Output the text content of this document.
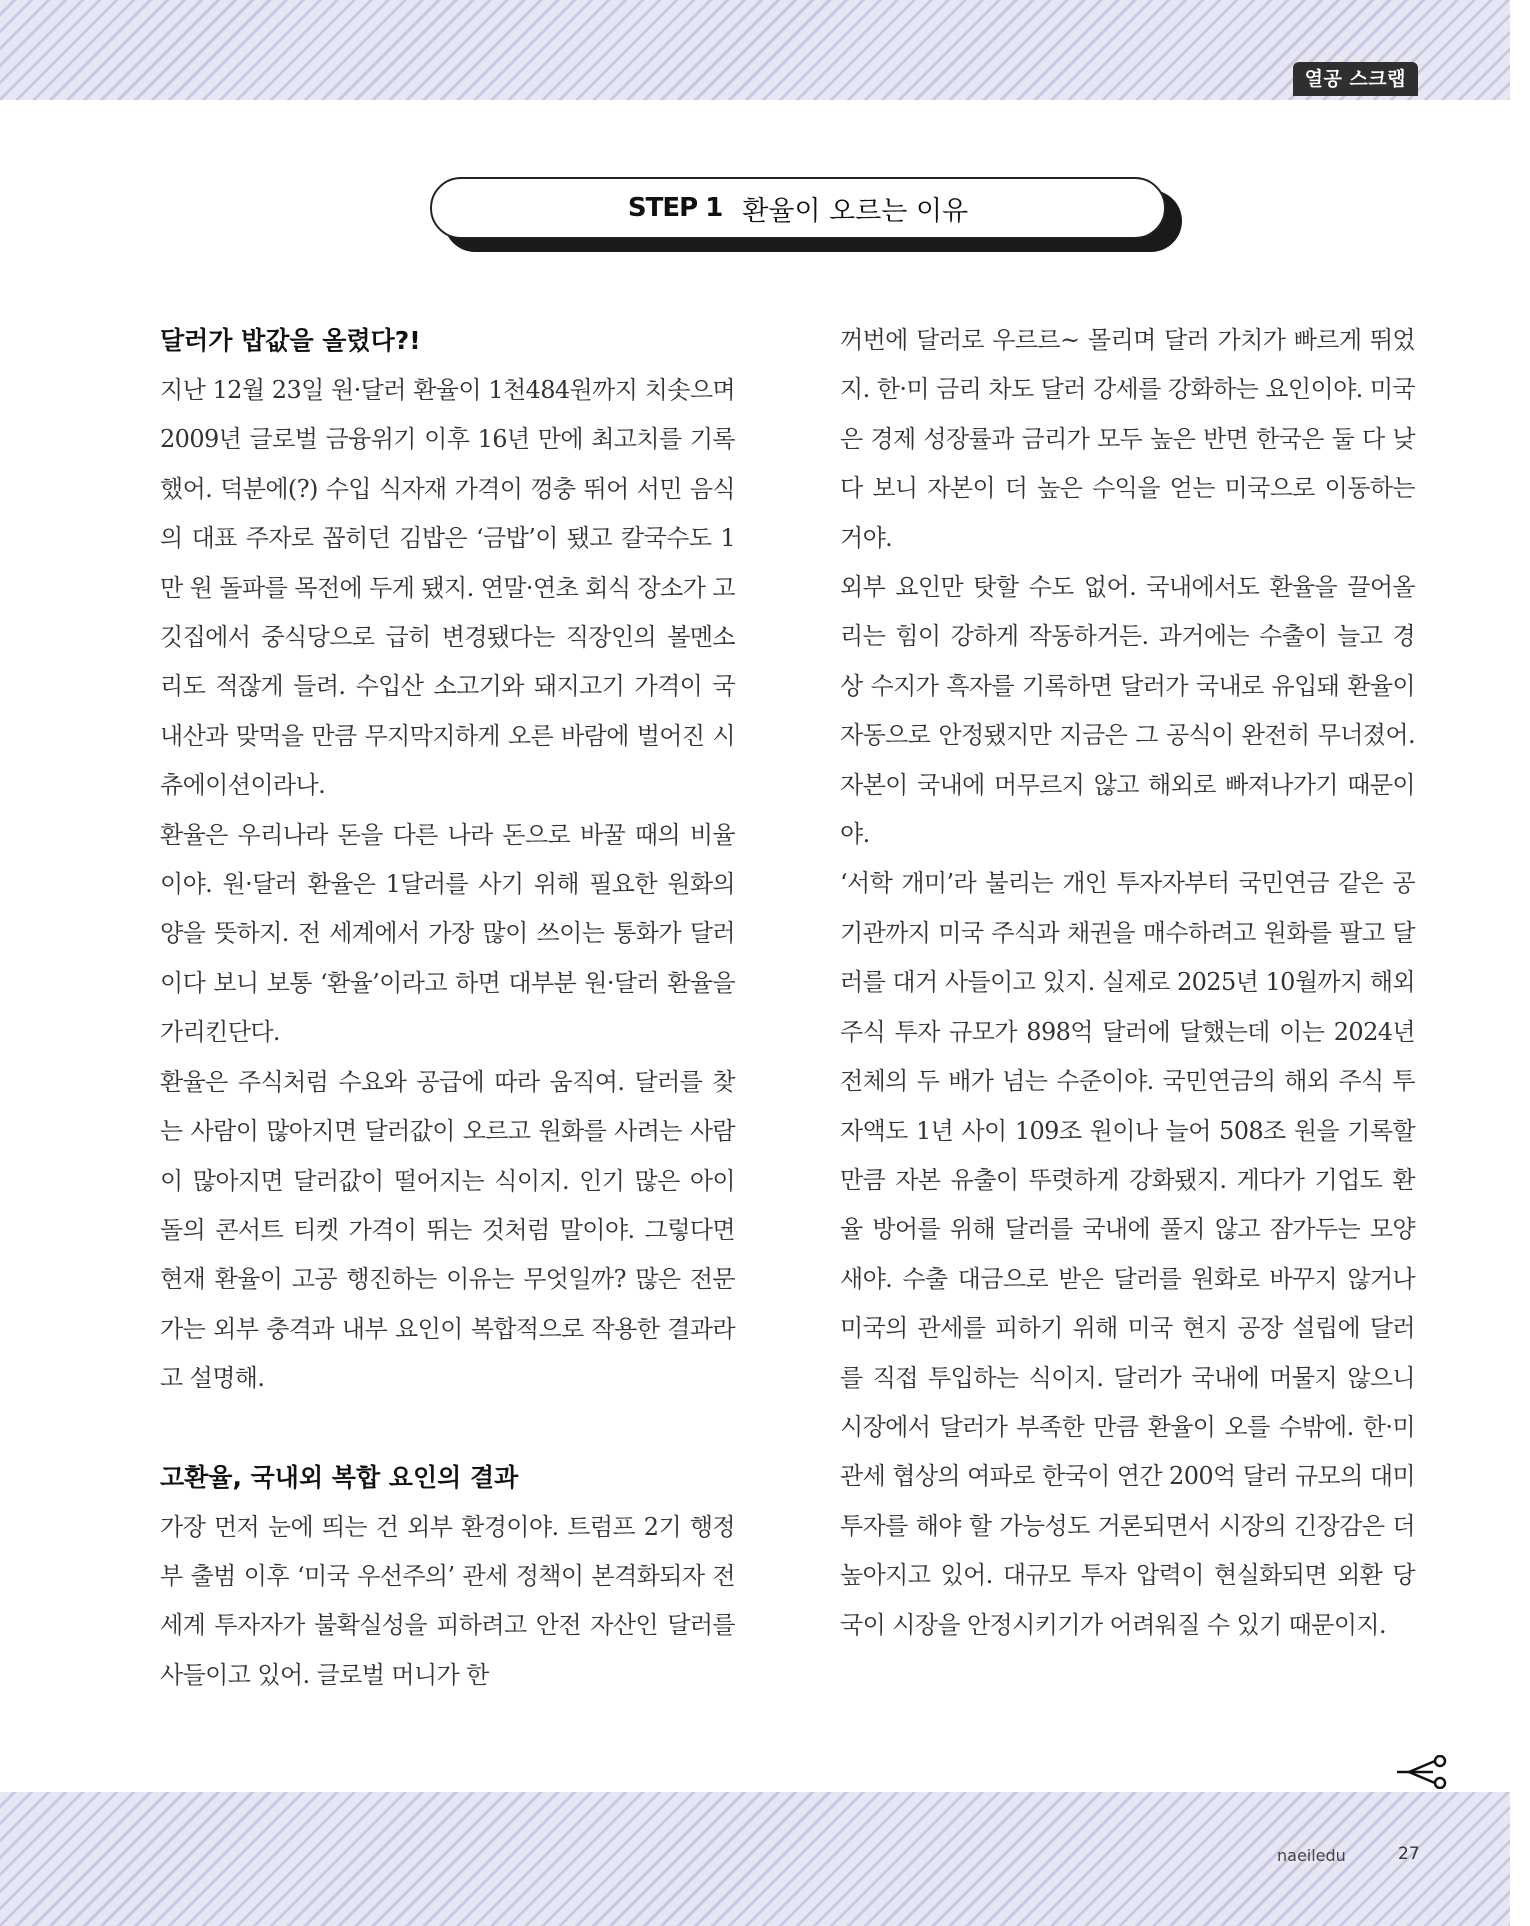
열공 스크랩
STEP 1 환율이 오르는 이유
달러가 밥값을 올렸다?!

지난 12월 23일 원·달러 환율이 1천484원까지 치솟으며 2009년 글로벌 금융위기 이후 16년 만에 최고치를 기록했어. 덕분에(?) 수입 식자재 가격이 껑충 뛰어 서민 음식의 대표 주자로 꼽히던 김밥은 ‘금밥’이 됐고 칼국수도 1만 원 돌파를 목전에 두게 됐지. 연말·연초 회식 장소가 고깃집에서 중식당으로 급히 변경됐다는 직장인의 볼멘소리도 적잖게 들려. 수입산 소고기와 돼지고기 가격이 국내산과 맞먹을 만큼 무지막지하게 오른 바람에 벌어진 시츄에이션이라나.

환율은 우리나라 돈을 다른 나라 돈으로 바꿀 때의 비율이야. 원·달러 환율은 1달러를 사기 위해 필요한 원화의 양을 뜻하지. 전 세계에서 가장 많이 쓰이는 통화가 달러이다 보니 보통 ‘환율’이라고 하면 대부분 원·달러 환율을 가리킨단다.

환율은 주식처럼 수요와 공급에 따라 움직여. 달러를 찾는 사람이 많아지면 달러값이 오르고 원화를 사려는 사람이 많아지면 달러값이 떨어지는 식이지. 인기 많은 아이돌의 콘서트 티켓 가격이 뛰는 것처럼 말이야. 그렇다면 현재 환율이 고공 행진하는 이유는 무엇일까? 많은 전문가는 외부 충격과 내부 요인이 복합적으로 작용한 결과라고 설명해.

고환율, 국내외 복합 요인의 결과

가장 먼저 눈에 띄는 건 외부 환경이야. 트럼프 2기 행정부 출범 이후 ‘미국 우선주의’ 관세 정책이 본격화되자 전 세계 투자자가 불확실성을 피하려고 안전 자산인 달러를 사들이고 있어. 글로벌 머니가 한

꺼번에 달러로 우르르~ 몰리며 달러 가치가 빠르게 뛰었지. 한·미 금리 차도 달러 강세를 강화하는 요인이야. 미국은 경제 성장률과 금리가 모두 높은 반면 한국은 둘 다 낮다 보니 자본이 더 높은 수익을 얻는 미국으로 이동하는 거야.

외부 요인만 탓할 수도 없어. 국내에서도 환율을 끌어올리는 힘이 강하게 작동하거든. 과거에는 수출이 늘고 경상 수지가 흑자를 기록하면 달러가 국내로 유입돼 환율이 자동으로 안정됐지만 지금은 그 공식이 완전히 무너졌어. 자본이 국내에 머무르지 않고 해외로 빠져나가기 때문이야.

‘서학 개미’라 불리는 개인 투자자부터 국민연금 같은 공기관까지 미국 주식과 채권을 매수하려고 원화를 팔고 달러를 대거 사들이고 있지. 실제로 2025년 10월까지 해외 주식 투자 규모가 898억 달러에 달했는데 이는 2024년 전체의 두 배가 넘는 수준이야. 국민연금의 해외 주식 투자액도 1년 사이 109조 원이나 늘어 508조 원을 기록할 만큼 자본 유출이 뚜렷하게 강화됐지. 게다가 기업도 환율 방어를 위해 달러를 국내에 풀지 않고 잠가두는 모양새야. 수출 대금으로 받은 달러를 원화로 바꾸지 않거나 미국의 관세를 피하기 위해 미국 현지 공장 설립에 달러를 직접 투입하는 식이지. 달러가 국내에 머물지 않으니 시장에서 달러가 부족한 만큼 환율이 오를 수밖에. 한·미 관세 협상의 여파로 한국이 연간 200억 달러 규모의 대미 투자를 해야 할 가능성도 거론되면서 시장의 긴장감은 더 높아지고 있어. 대규모 투자 압력이 현실화되면 외환 당국이 시장을 안정시키기가 어려워질 수 있기 때문이지.

naeiledu	27
